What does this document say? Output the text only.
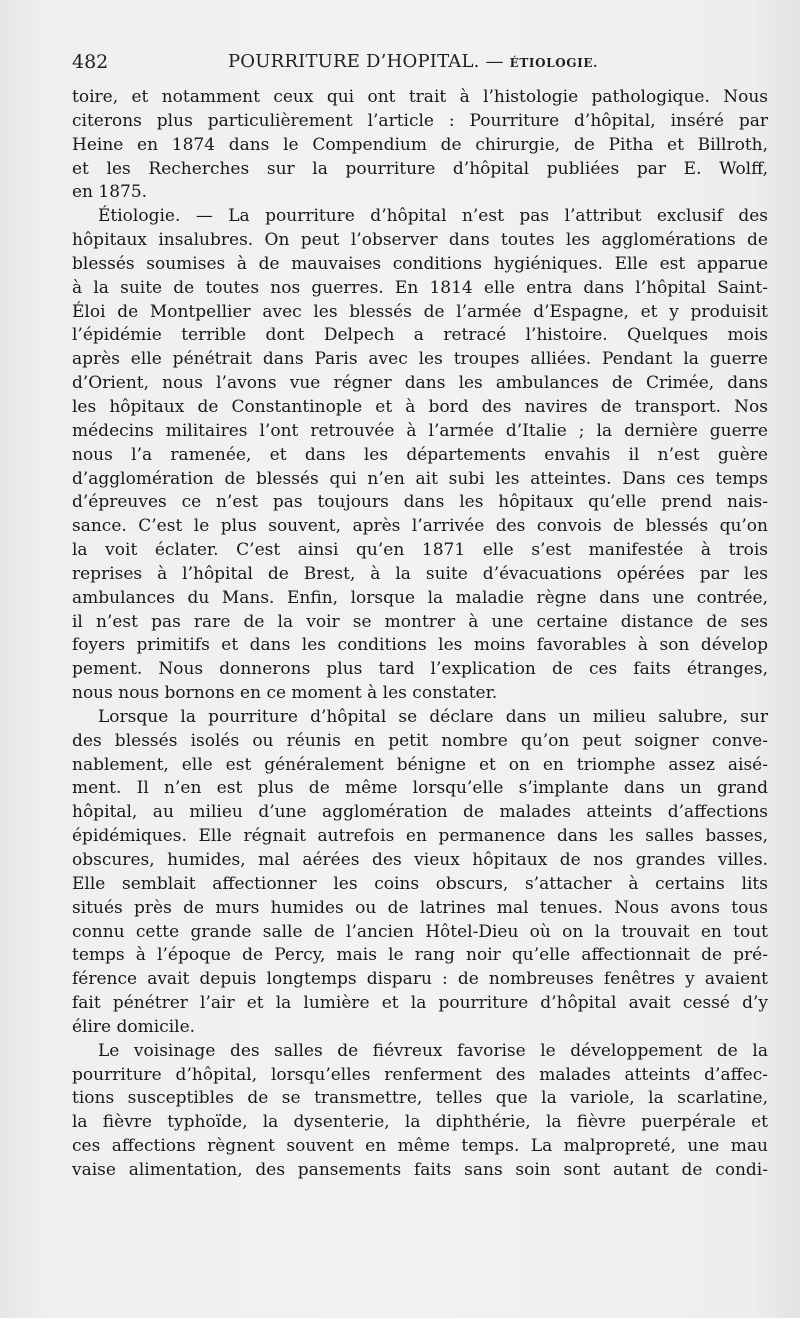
482	POURRITURE D’HOPITAL. — ÉTIOLOGIE.
toire, et notamment ceux qui ont trait à l’histologie pathologique. Nous
citerons plus particulièrement l’article : Pourriture d’hôpital, inséré par
Heine en 1874 dans le Compendium de chirurgie, de Pitha et Billroth,
et les Recherches sur la pourriture d’hôpital publiées par E. Wolff,
en 1875.
Étiologie. — La pourriture d’hôpital n’est pas l’attribut exclusif des
hôpitaux insalubres. On peut l’observer dans toutes les agglomérations de
blessés soumises à de mauvaises conditions hygiéniques. Elle est apparue
à la suite de toutes nos guerres. En 1814 elle entra dans l’hôpital Saint-
Éloi de Montpellier avec les blessés de l’armée d’Espagne, et y produisit
l’épidémie terrible dont Delpech a retracé l’histoire. Quelques mois
après elle pénétrait dans Paris avec les troupes alliées. Pendant la guerre
d’Orient, nous l’avons vue régner dans les ambulances de Crimée, dans
les hôpitaux de Constantinople et à bord des navires de transport. Nos
médecins militaires l’ont retrouvée à l’armée d’Italie ; la dernière guerre
nous l’a ramenée, et dans les départements envahis il n’est guère
d’agglomération de blessés qui n’en ait subi les atteintes. Dans ces temps
d’épreuves ce n’est pas toujours dans les hôpitaux qu’elle prend nais-
sance. C’est le plus souvent, après l’arrivée des convois de blessés qu’on
la voit éclater. C’est ainsi qu’en 1871 elle s’est manifestée à trois
reprises à l’hôpital de Brest, à la suite d’évacuations opérées par les
ambulances du Mans. Enfin, lorsque la maladie règne dans une contrée,
il n’est pas rare de la voir se montrer à une certaine distance de ses
foyers primitifs et dans les conditions les moins favorables à son dévelop
pement. Nous donnerons plus tard l’explication de ces faits étranges,
nous nous bornons en ce moment à les constater.
Lorsque la pourriture d’hôpital se déclare dans un milieu salubre, sur
des blessés isolés ou réunis en petit nombre qu’on peut soigner conve-
nablement, elle est généralement bénigne et on en triomphe assez aisé-
ment. Il n’en est plus de même lorsqu’elle s’implante dans un grand
hôpital, au milieu d’une agglomération de malades atteints d’affections
épidémiques. Elle régnait autrefois en permanence dans les salles basses,
obscures, humides, mal aérées des vieux hôpitaux de nos grandes villes.
Elle semblait affectionner les coins obscurs, s’attacher à certains lits
situés près de murs humides ou de latrines mal tenues. Nous avons tous
connu cette grande salle de l’ancien Hôtel-Dieu où on la trouvait en tout
temps à l’époque de Percy, mais le rang noir qu’elle affectionnait de pré-
férence avait depuis longtemps disparu : de nombreuses fenêtres y avaient
fait pénétrer l’air et la lumière et la pourriture d’hôpital avait cessé d’y
élire domicile.
Le voisinage des salles de fiévreux favorise le développement de la
pourriture d’hôpital, lorsqu’elles renferment des malades atteints d’affec-
tions susceptibles de se transmettre, telles que la variole, la scarlatine,
la fièvre typhoïde, la dysenterie, la diphthérie, la fièvre puerpérale et
ces affections règnent souvent en même temps. La malpropreté, une mau
vaise alimentation, des pansements faits sans soin sont autant de condi-
